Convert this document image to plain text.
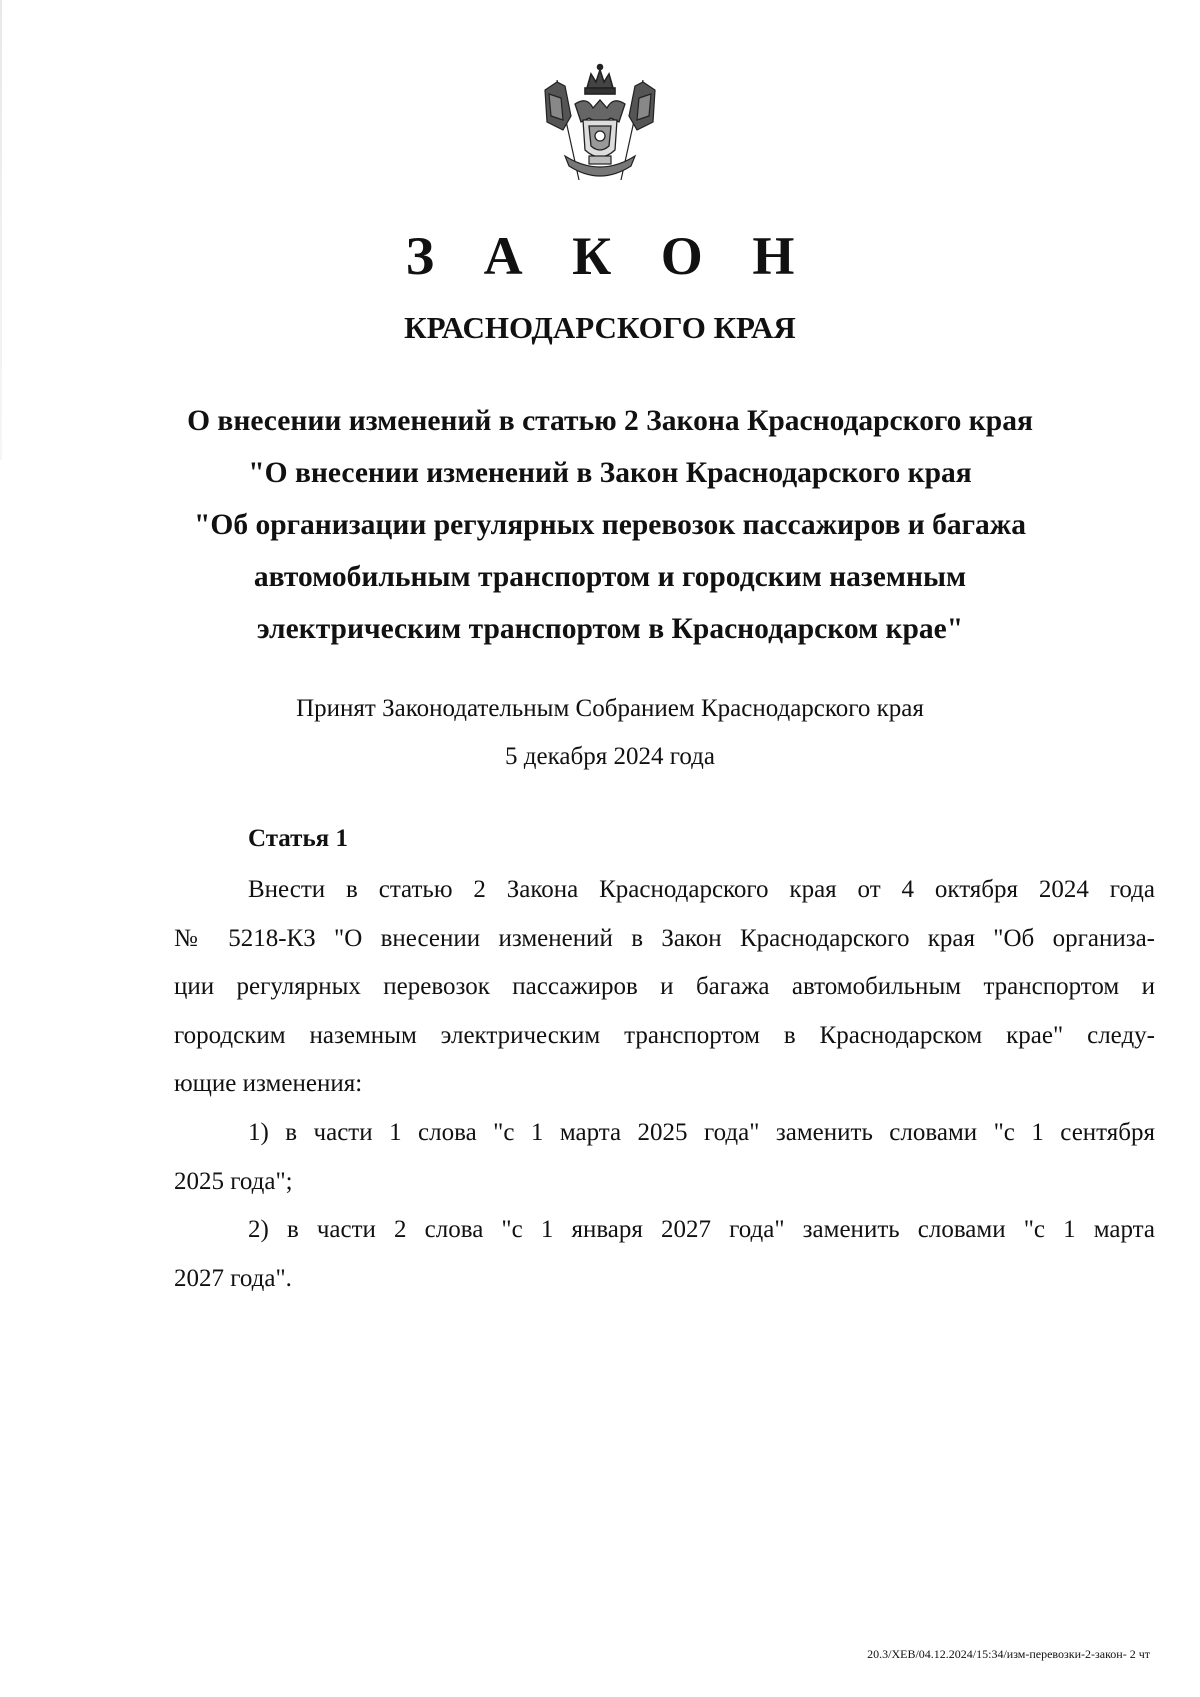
З А К О Н
КРАСНОДАРСКОГО КРАЯ
О внесении изменений в статью 2 Закона Краснодарского края
"О внесении изменений в Закон Краснодарского края
"Об организации регулярных перевозок пассажиров и багажа
автомобильным транспортом и городским наземным
электрическим транспортом в Краснодарском крае"
Принят Законодательным Собранием Краснодарского края
5 декабря 2024 года
Статья 1
Внести в статью 2 Закона Краснодарского края от 4 октября 2024 года
№ 5218-КЗ "О внесении изменений в Закон Краснодарского края "Об организа-
ции регулярных перевозок пассажиров и багажа автомобильным транспортом и
городским наземным электрическим транспортом в Краснодарском крае" следу-
ющие изменения:
1) в части 1 слова "с 1 марта 2025 года" заменить словами "с 1 сентября
2025 года";
2) в части 2 слова "с 1 января 2027 года" заменить словами "с 1 марта
2027 года".
20.3/ХЕВ/04.12.2024/15:34/изм-перевозки-2-закон- 2 чт
